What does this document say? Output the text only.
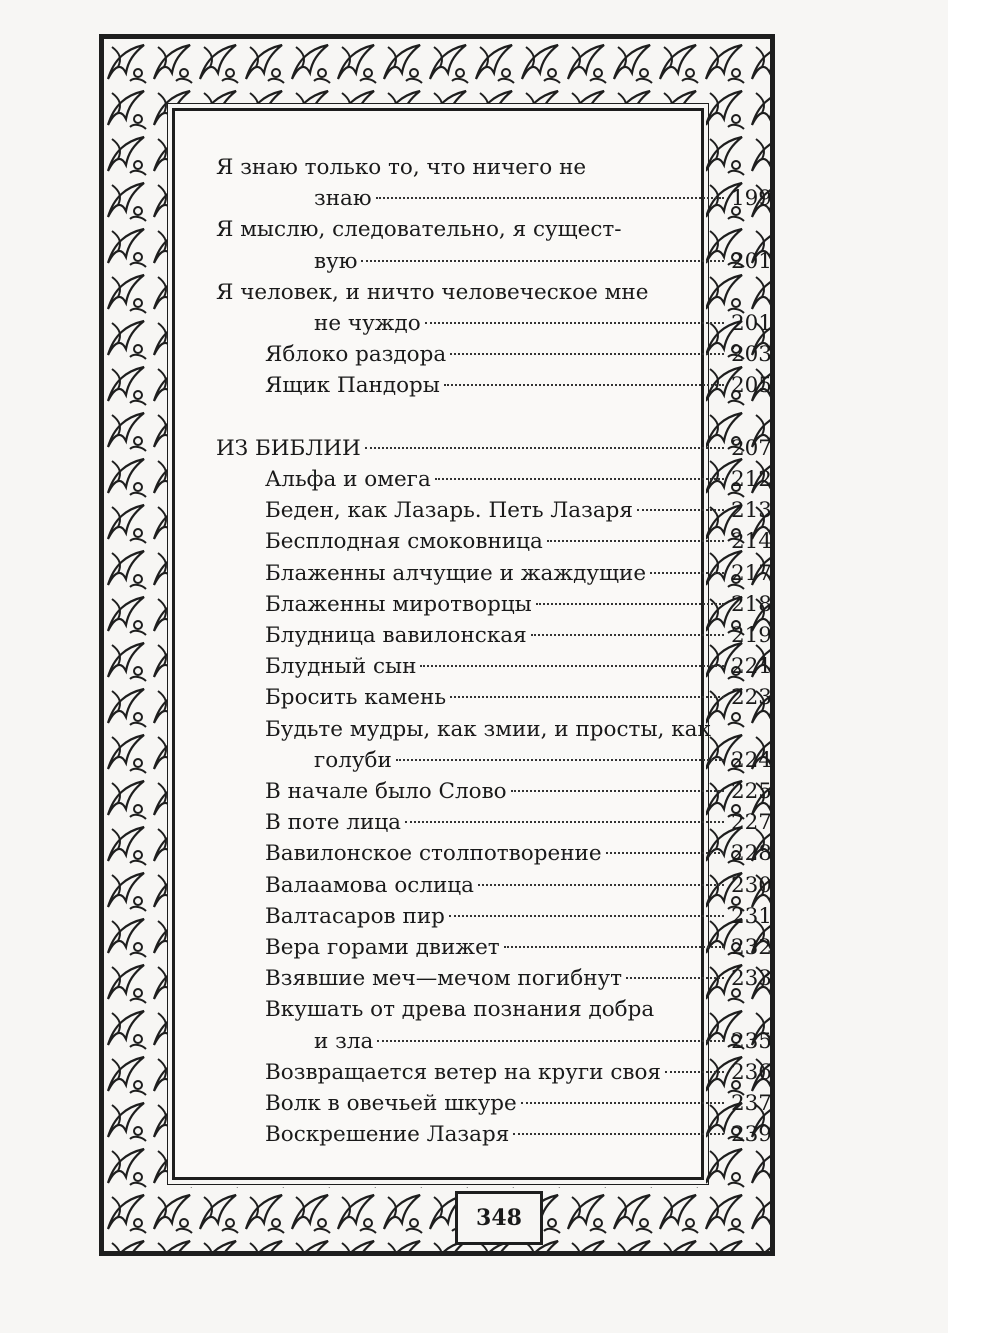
Я знаю только то, что ничего не
знаю	199
Я мыслю, следовательно, я сущест-
вую	201
Я человек, и ничто человеческое мне
не чуждо	201
Яблоко раздора	203
Ящик Пандоры	205
ИЗ БИБЛИИ	207
Альфа и омега	212
Беден, как Лазарь. Петь Лазаря	213
Бесплодная смоковница	214
Блаженны алчущие и жаждущие	217
Блаженны миротворцы	218
Блудница вавилонская	219
Блудный сын	221
Бросить камень	223
Будьте мудры, как змии, и просты, как
голуби	224
В начале было Слово	225
В поте лица	227
Вавилонское столпотворение	228
Валаамова ослица	230
Валтасаров пир	231
Вера горами движет	232
Взявшие меч—мечом погибнут	233
Вкушать от древа познания добра
и зла	235
Возвращается ветер на круги своя	236
Волк в овечьей шкуре	237
Воскрешение Лазаря	239
348
